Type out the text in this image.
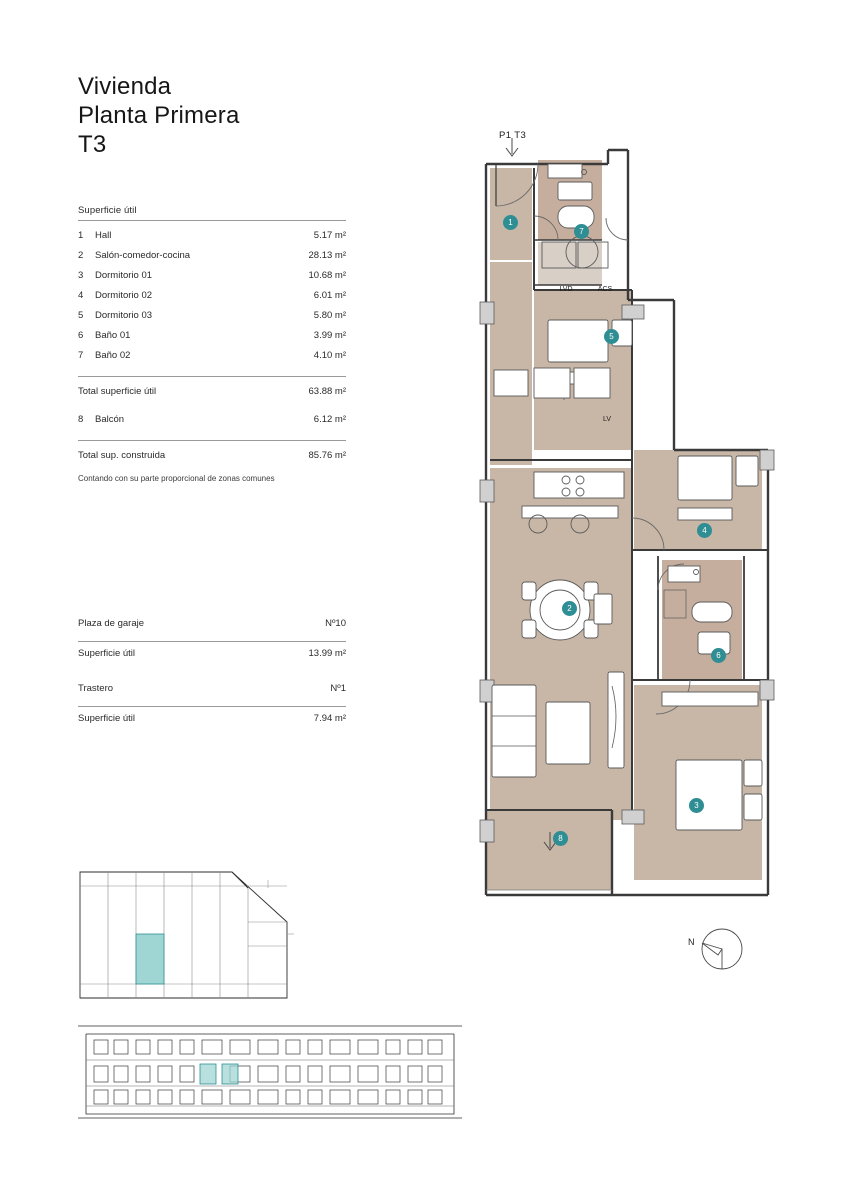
Vivienda
Planta Primera
T3
Superficie útil
1	Hall	5.17 m²
2	Salón-comedor-cocina	28.13 m²
3	Dormitorio 01	10.68 m²
4	Dormitorio 02	6.01 m²
5	Dormitorio 03	5.80 m²
6	Baño 01	3.99 m²
7	Baño 02	4.10 m²
Total superficie útil	63.88 m²
8	Balcón	6.12 m²
Total sup. construida	85.76 m²
Contando con su parte proporcional de zonas comunes
Plaza de garaje	Nº10
Superficie útil	13.99 m²
Trastero	Nº1
Superficie útil	7.94 m²
P1 T3
1
2
3
4
5
6
7
8
LVD	ACS
LV
N
